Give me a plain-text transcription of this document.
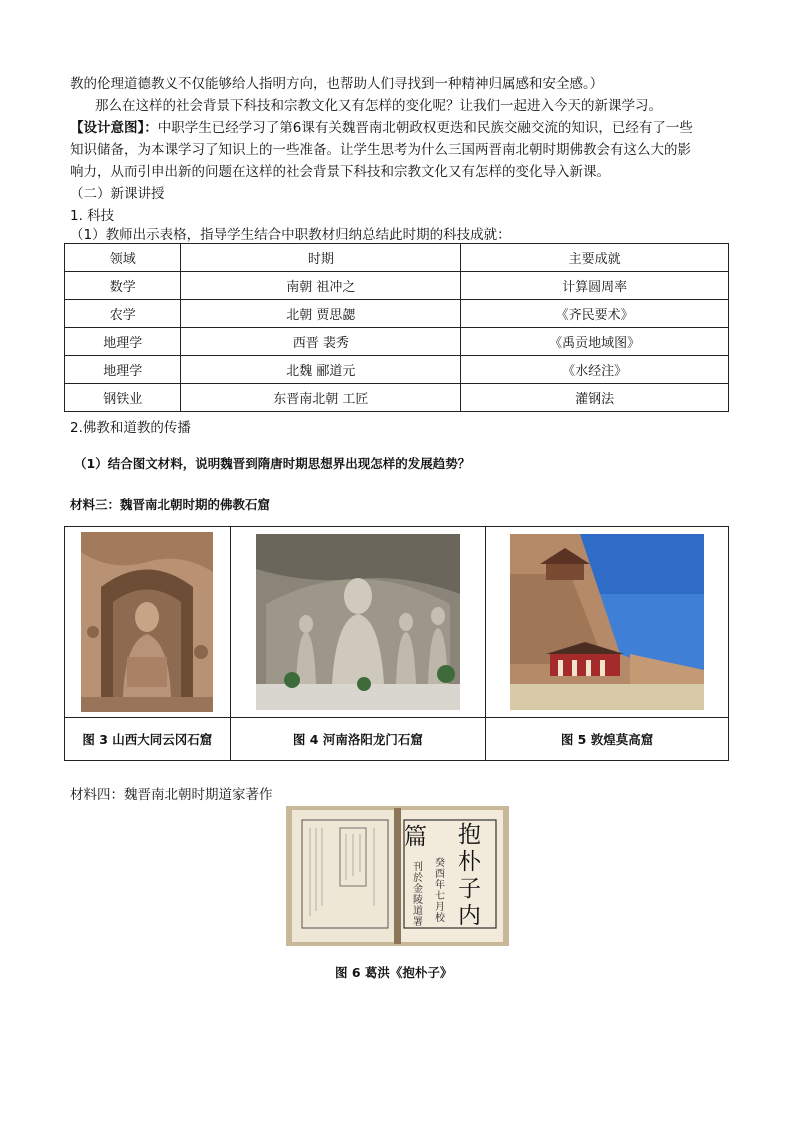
教的伦理道德教义不仅能够给人指明方向，也帮助人们寻找到一种精神归属感和安全感。）
那么在这样的社会背景下科技和宗教文化又有怎样的变化呢？让我们一起进入今天的新课学习。
【设计意图】：中职学生已经学习了第6课有关魏晋南北朝政权更迭和民族交融交流的知识，已经有了一些
知识储备，为本课学习了知识上的一些准备。让学生思考为什么三国两晋南北朝时期佛教会有这么大的影
响力，从而引申出新的问题在这样的社会背景下科技和宗教文化又有怎样的变化导入新课。
（二）新课讲授
1. 科技
（1）教师出示表格，指导学生结合中职教材归纳总结此时期的科技成就：
领域	时期	主要成就
数学	南朝 祖冲之	计算圆周率
农学	北朝 贾思勰	《齐民要术》
地理学	西晋 裴秀	《禹贡地域图》
地理学	北魏 郦道元	《水经注》
钢铁业	东晋南北朝 工匠	灌钢法
2.佛教和道教的传播
（1）结合图文材料，说明魏晋到隋唐时期思想界出现怎样的发展趋势？
材料三：魏晋南北朝时期的佛教石窟

图 3 山西大同云冈石窟	图 4 河南洛阳龙门石窟	图 5 敦煌莫高窟
材料四：魏晋南北朝时期道家著作
抱
朴
子
内
篇
癸酉年七月校
刊於金陵道署
图 6 葛洪《抱朴子》
